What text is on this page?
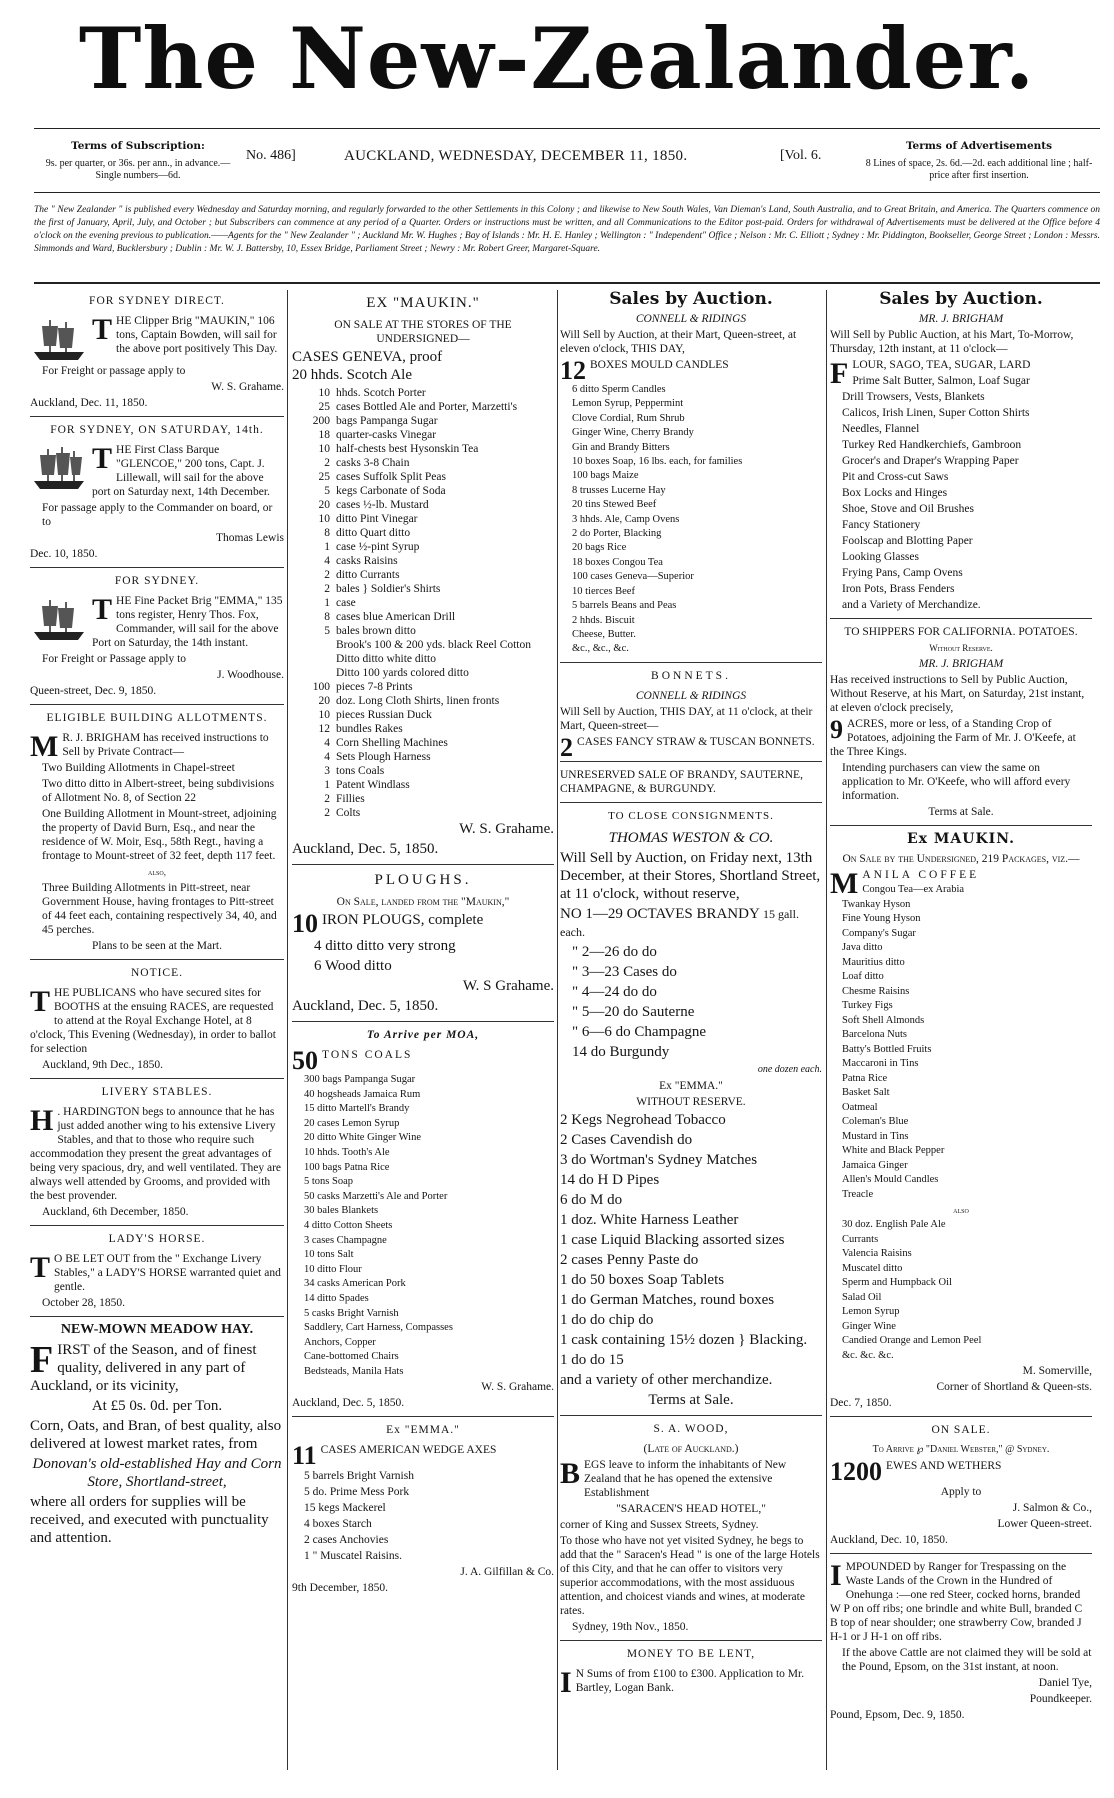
The New-Zealander.
Terms of Subscription:
9s. per quarter, or 36s. per ann., in advance.—Single numbers—6d.
No. 486]	AUCKLAND, WEDNESDAY, DECEMBER 11, 1850.	[Vol. 6.
Terms of Advertisements
8 Lines of space, 2s. 6d.—2d. each additional line ; half-price after first insertion.
The " New Zealander " is published every Wednesday and Saturday morning, and regularly forwarded to the other Settlements in this Colony ; and likewise to New South Wales, Van Dieman's Land, South Australia, and to Great Britain, and America. The Quarters commence on the first of January, April, July, and October ; but Subscribers can commence at any period of a Quarter. Orders or instructions must be written, and all Communications to the Editor post-paid. Orders for withdrawal of Advertisements must be delivered at the Office before 4 o'clock on the evening previous to publication.——Agents for the " New Zealander " ; Auckland Mr. W. Hughes ; Bay of Islands : Mr. H. E. Hanley ; Wellington : " Independent" Office ; Nelson : Mr. C. Elliott ; Sydney : Mr. Piddington, Bookseller, George Street ; London : Messrs. Simmonds and Ward, Bucklersbury ; Dublin : Mr. W. J. Battersby, 10, Essex Bridge, Parliament Street ; Newry : Mr. Robert Greer, Margaret-Square.
FOR SYDNEY DIRECT.
THE Clipper Brig "MAUKIN," 106 tons, Captain Bowden, will sail for the above port positively This Day.
For Freight or passage apply to
W. S. Grahame.
Auckland, Dec. 11, 1850.
FOR SYDNEY, ON SATURDAY, 14th.
THE First Class Barque "GLENCOE," 200 tons, Capt. J. Lillewall, will sail for the above port on Saturday next, 14th December.
For passage apply to the Commander on board, or to
Thomas Lewis
Dec. 10, 1850.
FOR SYDNEY.
THE Fine Packet Brig "EMMA," 135 tons register, Henry Thos. Fox, Commander, will sail for the above Port on Saturday, the 14th instant.
For Freight or Passage apply to
J. Woodhouse.
Queen-street, Dec. 9, 1850.
ELIGIBLE BUILDING ALLOTMENTS.
M R. J. BRIGHAM has received instructions to Sell by Private Contract—
Two Building Allotments in Chapel-street
Two ditto ditto in Albert-street, being subdivisions of Allotment No. 8, of Section 22
One Building Allotment in Mount-street, adjoining the property of David Burn, Esq., and near the residence of W. Moir, Esq., 58th Regt., having a frontage to Mount-street of 32 feet, depth 117 feet.
also,
Three Building Allotments in Pitt-street, near Government House, having frontages to Pitt-street of 44 feet each, containing respectively 34, 40, and 45 perches.
Plans to be seen at the Mart.
NOTICE.
THE PUBLICANS who have secured sites for BOOTHS at the ensuing RACES, are requested to attend at the Royal Exchange Hotel, at 8 o'clock, This Evening (Wednesday), in order to ballot for selection
Auckland, 9th Dec., 1850.
LIVERY STABLES.
H . HARDINGTON begs to announce that he has just added another wing to his extensive Livery Stables, and that to those who require such accommodation they present the great advantages of being very spacious, dry, and well ventilated. They are always well attended by Grooms, and provided with the best provender.
Auckland, 6th December, 1850.
LADY'S HORSE.
T O BE LET OUT from the " Exchange Livery Stables," a LADY'S HORSE warranted quiet and gentle.
October 28, 1850.
NEW-MOWN MEADOW HAY.
FIRST of the Season, and of finest quality, delivered in any part of Auckland, or its vicinity,
At £5 0s. 0d. per Ton.
Corn, Oats, and Bran, of best quality, also delivered at lowest market rates, from
Donovan's old-established Hay and Corn Store, Shortland-street,
where all orders for supplies will be received, and executed with punctuality and attention.
EX "MAUKIN."
ON SALE AT THE STORES OF THE UNDERSIGNED—
CASES GENEVA, proof
20 hhds. Scotch Ale
10 hhds. Scotch Porter
25 cases Bottled Ale and Porter, Marzetti's
200 bags Pampanga Sugar
18 quarter-casks Vinegar
10 half-chests best Hysonskin Tea
2 casks 3-8 Chain
25 cases Suffolk Split Peas
5 kegs Carbonate of Soda
20 cases ½-lb. Mustard
10 ditto Pint Vinegar
8 ditto Quart ditto
1 case ½-pint Syrup
4 casks Raisins
2 ditto Currants
2 bales } Soldier's Shirts
1 case
8 cases blue American Drill
5 bales brown ditto
Brook's 100 & 200 yds. black Reel Cotton
Ditto ditto white ditto
Ditto 100 yards colored ditto
100 pieces 7-8 Prints
20 doz. Long Cloth Shirts, linen fronts
10 pieces Russian Duck
12 bundles Rakes
4 Corn Shelling Machines
4 Sets Plough Harness
3 tons Coals
1 Patent Windlass
2 Fillies
2 Colts
W. S. Grahame.
Auckland, Dec. 5, 1850.
PLOUGHS.
On Sale, landed from the "Maukin,"
10 IRON PLOUGS, complete
4 ditto ditto very strong
6 Wood ditto
W. S Grahame.
Auckland, Dec. 5, 1850.
To Arrive per MOA,
50 TONS COALS
300 bags Pampanga Sugar
40 hogsheads Jamaica Rum
15 ditto Martell's Brandy
20 cases Lemon Syrup
20 ditto White Ginger Wine
10 hhds. Tooth's Ale
100 bags Patna Rice
5 tons Soap
50 casks Marzetti's Ale and Porter
30 bales Blankets
4 ditto Cotton Sheets
3 cases Champagne
10 tons Salt
10 ditto Flour
34 casks American Pork
14 ditto Spades
5 casks Bright Varnish
Saddlery, Cart Harness, Compasses
Anchors, Copper
Cane-bottomed Chairs
Bedsteads, Manila Hats
W. S. Grahame.
Auckland, Dec. 5, 1850.
Ex "EMMA."
11 CASES AMERICAN WEDGE AXES
5 barrels Bright Varnish
5 do. Prime Mess Pork
15 kegs Mackerel
4 boxes Starch
2 cases Anchovies
1 " Muscatel Raisins.
J. A. Gilfillan & Co.
9th December, 1850.
Sales by Auction.
CONNELL & RIDINGS
Will Sell by Auction, at their Mart, Queen-street, at eleven o'clock, THIS DAY,
12 BOXES MOULD CANDLES
6 ditto Sperm Candles
Lemon Syrup, Peppermint
Clove Cordial, Rum Shrub
Ginger Wine, Cherry Brandy
Gin and Brandy Bitters
10 boxes Soap, 16 lbs. each, for families
100 bags Maize
8 trusses Lucerne Hay
20 tins Stewed Beef
3 hhds. Ale, Camp Ovens
2 do Porter, Blacking
20 bags Rice
18 boxes Congou Tea
100 cases Geneva—Superior
10 tierces Beef
5 barrels Beans and Peas
2 hhds. Biscuit
Cheese, Butter.
&c., &c., &c.
BONNETS.
CONNELL & RIDINGS
Will Sell by Auction, THIS DAY, at 11 o'clock, at their Mart, Queen-street—
2 CASES FANCY STRAW & TUSCAN BONNETS.
UNRESERVED SALE OF BRANDY, SAUTERNE, CHAMPAGNE, & BURGUNDY.
TO CLOSE CONSIGNMENTS.
THOMAS WESTON & CO.
Will Sell by Auction, on Friday next, 13th December, at their Stores, Shortland Street, at 11 o'clock, without reserve,
NO 1—29 OCTAVES BRANDY 15 gall. each.
" 2—26 do do
" 3—23 Cases do
" 4—24 do do
" 5—20 do Sauterne
" 6—6 do Champagne
14 do Burgundy
one dozen each.
Ex "EMMA."
WITHOUT RESERVE.
2 Kegs Negrohead Tobacco
2 Cases Cavendish do
3 do Wortman's Sydney Matches
14 do H D Pipes
6 do M do
1 doz. White Harness Leather
1 case Liquid Blacking assorted sizes
2 cases Penny Paste do
1 do 50 boxes Soap Tablets
1 do German Matches, round boxes
1 do do chip do
1 cask containing 15½ dozen } Blacking.
1 do do 15
and a variety of other merchandize.
Terms at Sale.
S. A. WOOD,
(Late of Auckland.)
BEGS leave to inform the inhabitants of New Zealand that he has opened the extensive Establishment
"SARACEN'S HEAD HOTEL,"
corner of King and Sussex Streets, Sydney.
To those who have not yet visited Sydney, he begs to add that the " Saracen's Head " is one of the large Hotels of this City, and that he can offer to visitors very superior accommodations, with the most assiduous attention, and choicest viands and wines, at moderate rates.
Sydney, 19th Nov., 1850.
MONEY TO BE LENT,
I N Sums of from £100 to £300. Application to Mr. Bartley, Logan Bank.
Sales by Auction.
MR. J. BRIGHAM
Will Sell by Public Auction, at his Mart, To-Morrow, Thursday, 12th instant, at 11 o'clock—
FLOUR, SAGO, TEA, SUGAR, LARD
Prime Salt Butter, Salmon, Loaf Sugar
Drill Trowsers, Vests, Blankets
Calicos, Irish Linen, Super Cotton Shirts
Needles, Flannel
Turkey Red Handkerchiefs, Gambroon
Grocer's and Draper's Wrapping Paper
Pit and Cross-cut Saws
Box Locks and Hinges
Shoe, Stove and Oil Brushes
Fancy Stationery
Foolscap and Blotting Paper
Looking Glasses
Frying Pans, Camp Ovens
Iron Pots, Brass Fenders
and a Variety of Merchandize.
TO SHIPPERS FOR CALIFORNIA. POTATOES.
Without Reserve.
MR. J. BRIGHAM
Has received instructions to Sell by Public Auction, Without Reserve, at his Mart, on Saturday, 21st instant, at eleven o'clock precisely,
9 ACRES, more or less, of a Standing Crop of Potatoes, adjoining the Farm of Mr. J. O'Keefe, at the Three Kings.
Intending purchasers can view the same on application to Mr. O'Keefe, who will afford every information.
Terms at Sale.
Ex MAUKIN.
On Sale by the Undersigned, 219 Packages, viz.—
MANILA COFFEE
Congou Tea—ex Arabia
Twankay Hyson
Fine Young Hyson
Company's Sugar
Java ditto
Mauritius ditto
Loaf ditto
Chesme Raisins
Turkey Figs
Soft Shell Almonds
Barcelona Nuts
Batty's Bottled Fruits
Maccaroni in Tins
Patna Rice
Basket Salt
Oatmeal
Coleman's Blue
Mustard in Tins
White and Black Pepper
Jamaica Ginger
Allen's Mould Candles
Treacle
also
30 doz. English Pale Ale
Currants
Valencia Raisins
Muscatel ditto
Sperm and Humpback Oil
Salad Oil
Lemon Syrup
Ginger Wine
Candied Orange and Lemon Peel
&c. &c. &c.
M. Somerville,
Corner of Shortland & Queen-sts.
Dec. 7, 1850.
ON SALE.
To Arrive ℘ "Daniel Webster," @ Sydney.
1200 EWES AND WETHERS
Apply to
J. Salmon & Co.,
Lower Queen-street.
Auckland, Dec. 10, 1850.
IMPOUNDED by Ranger for Trespassing on the Waste Lands of the Crown in the Hundred of Onehunga :—one red Steer, cocked horns, branded W P on off ribs; one brindle and white Bull, branded C B top of near shoulder; one strawberry Cow, branded J H-1 or J H-1 on off ribs.
If the above Cattle are not claimed they will be sold at the Pound, Epsom, on the 31st instant, at noon.
Daniel Tye,
Poundkeeper.
Pound, Epsom, Dec. 9, 1850.
